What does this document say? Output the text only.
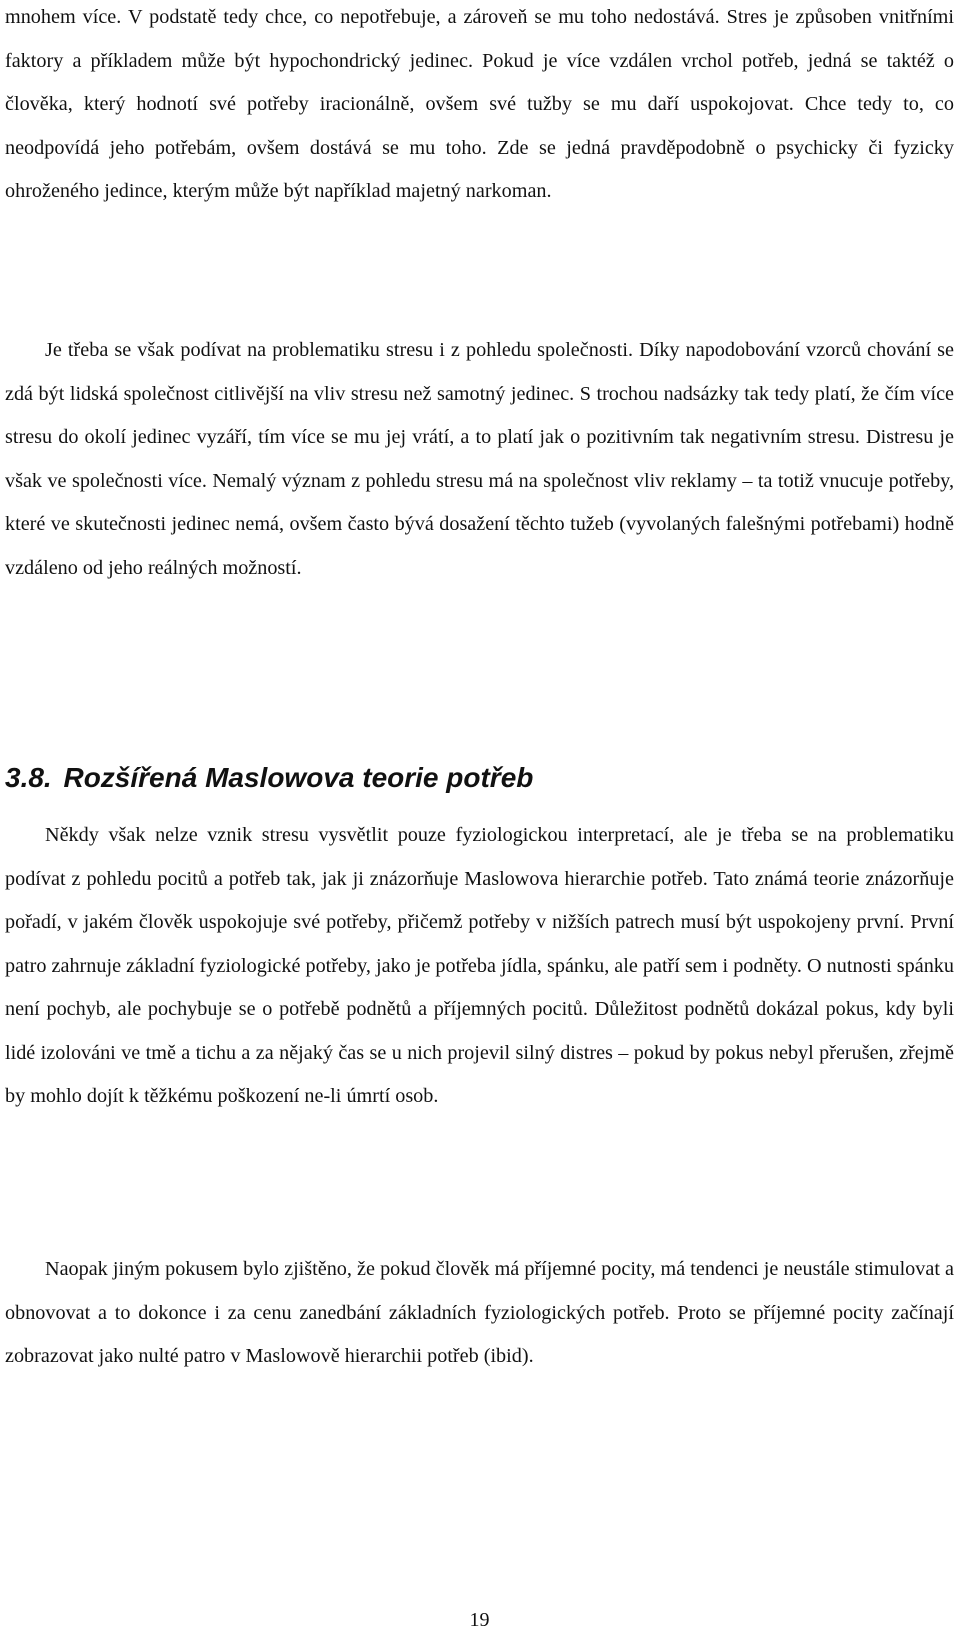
mnohem více. V podstatě tedy chce, co nepotřebuje, a zároveň se mu toho nedostává. Stres je způsoben vnitřními faktory a příkladem může být hypochondrický jedinec. Pokud je více vzdálen vrchol potřeb, jedná se taktéž o člověka, který hodnotí své potřeby iracionálně, ovšem své tužby se mu daří uspokojovat. Chce tedy to, co neodpovídá jeho potřebám, ovšem dostává se mu toho. Zde se jedná pravděpodobně o psychicky či fyzicky ohroženého jedince, kterým může být například majetný narkoman.

Je třeba se však podívat na problematiku stresu i z pohledu společnosti. Díky napodobování vzorců chování se zdá být lidská společnost citlivější na vliv stresu než samotný jedinec. S trochou nadsázky tak tedy platí, že čím více stresu do okolí jedinec vyzáří, tím více se mu jej vrátí, a to platí jak o pozitivním tak negativním stresu. Distresu je však ve společnosti více. Nemalý význam z pohledu stresu má na společnost vliv reklamy – ta totiž vnucuje potřeby, které ve skutečnosti jedinec nemá, ovšem často bývá dosažení těchto tužeb (vyvolaných falešnými potřebami) hodně vzdáleno od jeho reálných možností.

3.8. Rozšířená Maslowova teorie potřeb

Někdy však nelze vznik stresu vysvětlit pouze fyziologickou interpretací, ale je třeba se na problematiku podívat z pohledu pocitů a potřeb tak, jak ji znázorňuje Maslowova hierarchie potřeb. Tato známá teorie znázorňuje pořadí, v jakém člověk uspokojuje své potřeby, přičemž potřeby v nižších patrech musí být uspokojeny první. První patro zahrnuje základní fyziologické potřeby, jako je potřeba jídla, spánku, ale patří sem i podněty. O nutnosti spánku není pochyb, ale pochybuje se o potřebě podnětů a příjemných pocitů. Důležitost podnětů dokázal pokus, kdy byli lidé izolováni ve tmě a tichu a za nějaký čas se u nich projevil silný distres – pokud by pokus nebyl přerušen, zřejmě by mohlo dojít k těžkému poškození ne-li úmrtí osob.

Naopak jiným pokusem bylo zjištěno, že pokud člověk má příjemné pocity, má tendenci je neustále stimulovat a obnovovat a to dokonce i za cenu zanedbání základních fyziologických potřeb. Proto se příjemné pocity začínají zobrazovat jako nulté patro v Maslowově hierarchii potřeb (ibid).

19
